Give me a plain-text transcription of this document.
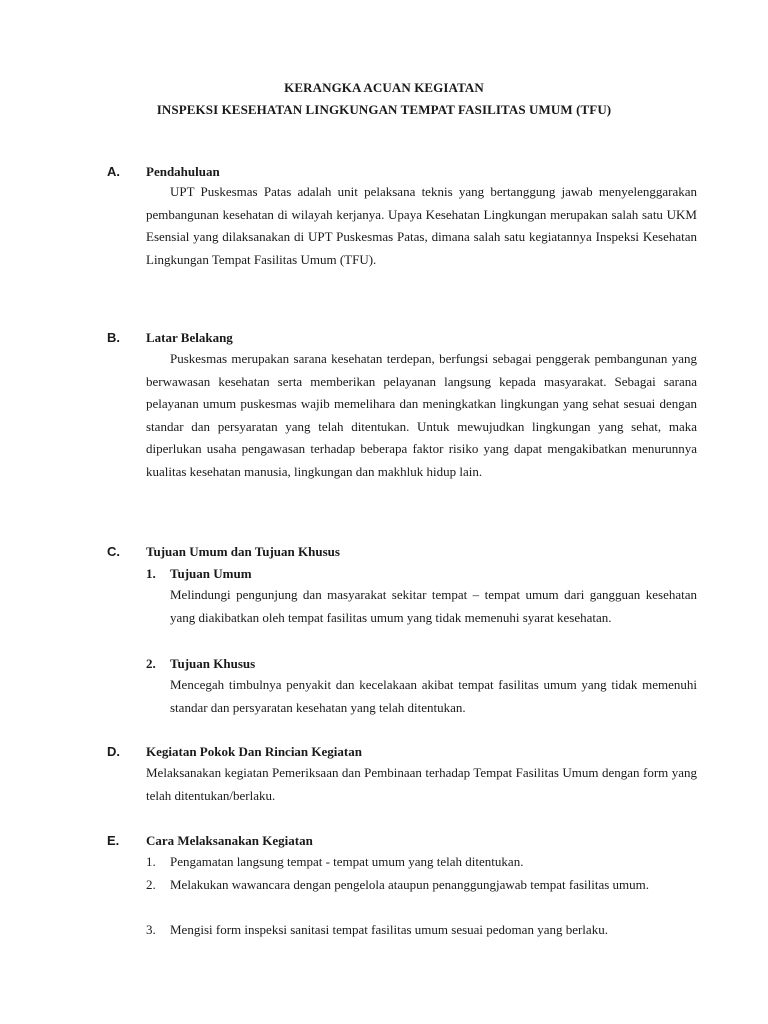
KERANGKA ACUAN KEGIATAN
INSPEKSI KESEHATAN LINGKUNGAN TEMPAT FASILITAS UMUM (TFU)
A. Pendahuluan
UPT Puskesmas Patas adalah unit pelaksana teknis yang bertanggung jawab menyelenggarakan pembangunan kesehatan di wilayah kerjanya. Upaya Kesehatan Lingkungan merupakan salah satu UKM Esensial yang dilaksanakan di UPT Puskesmas Patas, dimana salah satu kegiatannya Inspeksi Kesehatan Lingkungan Tempat Fasilitas Umum (TFU).
B. Latar Belakang
Puskesmas merupakan sarana kesehatan terdepan, berfungsi sebagai penggerak pembangunan yang berwawasan kesehatan serta memberikan pelayanan langsung kepada masyarakat. Sebagai sarana pelayanan umum puskesmas wajib memelihara dan meningkatkan lingkungan yang sehat sesuai dengan standar dan persyaratan yang telah ditentukan. Untuk mewujudkan lingkungan yang sehat, maka diperlukan usaha pengawasan terhadap beberapa faktor risiko yang dapat mengakibatkan menurunnya kualitas kesehatan manusia, lingkungan dan makhluk hidup lain.
C. Tujuan Umum dan Tujuan Khusus
1. Tujuan Umum
Melindungi pengunjung dan masyarakat sekitar tempat – tempat umum dari gangguan kesehatan yang diakibatkan oleh tempat fasilitas umum yang tidak memenuhi syarat kesehatan.
2. Tujuan Khusus
Mencegah timbulnya penyakit dan kecelakaan akibat tempat fasilitas umum yang tidak memenuhi standar dan persyaratan kesehatan yang telah ditentukan.
D. Kegiatan Pokok Dan Rincian Kegiatan
Melaksanakan kegiatan Pemeriksaan dan Pembinaan terhadap Tempat Fasilitas Umum dengan form yang telah ditentukan/berlaku.
E. Cara Melaksanakan Kegiatan
1. Pengamatan langsung tempat - tempat umum yang telah ditentukan.
2. Melakukan wawancara dengan pengelola ataupun penanggungjawab tempat fasilitas umum.
3. Mengisi form inspeksi sanitasi tempat fasilitas umum sesuai pedoman yang berlaku.
